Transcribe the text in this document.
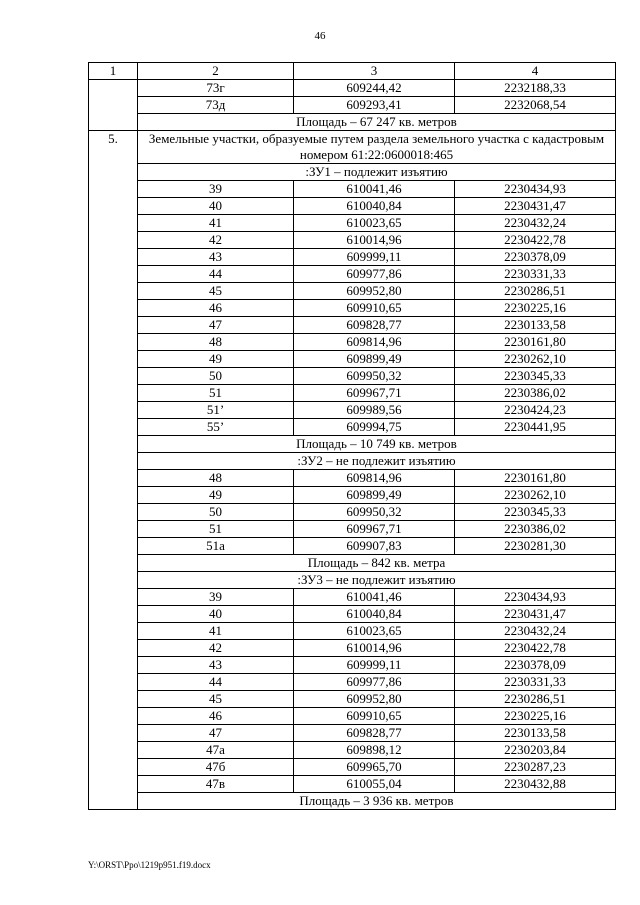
46
1	2	3	4
	73г	609244,42	2232188,33
	73д	609293,41	2232068,54
	Площадь – 67 247 кв. метров		
5.	Земельные участки, образуемые путем раздела земельного участка с кадастровым номером 61:22:0600018:465		
	:ЗУ1 – подлежит изъятию		
	39	610041,46	2230434,93
	40	610040,84	2230431,47
	41	610023,65	2230432,24
	42	610014,96	2230422,78
	43	609999,11	2230378,09
	44	609977,86	2230331,33
	45	609952,80	2230286,51
	46	609910,65	2230225,16
	47	609828,77	2230133,58
	48	609814,96	2230161,80
	49	609899,49	2230262,10
	50	609950,32	2230345,33
	51	609967,71	2230386,02
	51’	609989,56	2230424,23
	55’	609994,75	2230441,95
	Площадь – 10 749 кв. метров		
	:ЗУ2 – не подлежит изъятию		
	48	609814,96	2230161,80
	49	609899,49	2230262,10
	50	609950,32	2230345,33
	51	609967,71	2230386,02
	51а	609907,83	2230281,30
	Площадь – 842 кв. метра		
	:ЗУ3 – не подлежит изъятию		
	39	610041,46	2230434,93
	40	610040,84	2230431,47
	41	610023,65	2230432,24
	42	610014,96	2230422,78
	43	609999,11	2230378,09
	44	609977,86	2230331,33
	45	609952,80	2230286,51
	46	609910,65	2230225,16
	47	609828,77	2230133,58
	47а	609898,12	2230203,84
	47б	609965,70	2230287,23
	47в	610055,04	2230432,88
	Площадь – 3 936 кв. метров		
Y:\ORST\Ppo\1219p951.f19.docx
